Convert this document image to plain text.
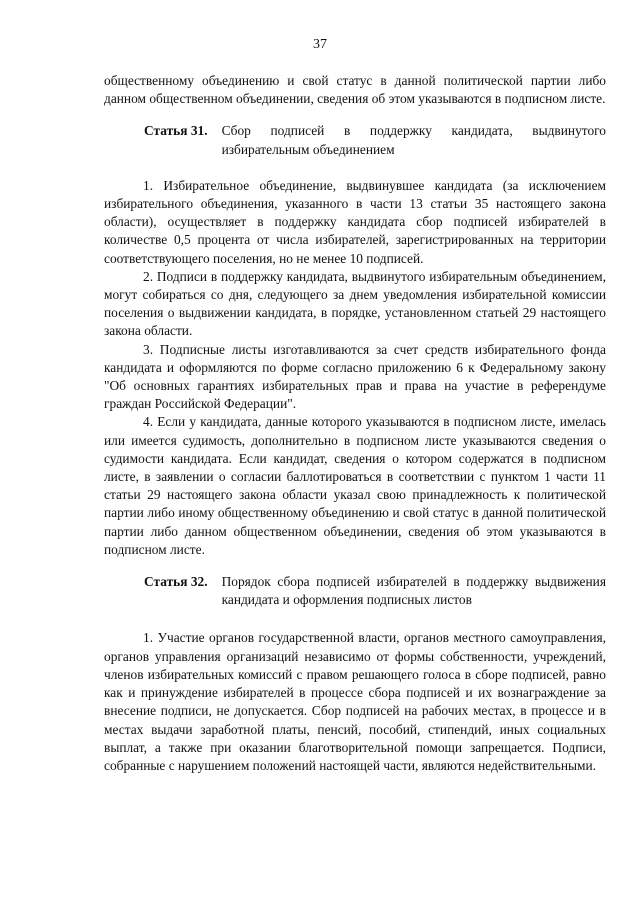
37

общественному объединению и свой статус в данной политической партии либо данном общественном объединении, сведения об этом указываются в подписном листе.

Статья 31.	Сбор подписей в поддержку кандидата, выдвинутого избирательным объединением

1. Избирательное объединение, выдвинувшее кандидата (за исключением избирательного объединения, указанного в части 13 статьи 35 настоящего закона области), осуществляет в поддержку кандидата сбор подписей избирателей в количестве 0,5 процента от числа избирателей, зарегистрированных на территории соответствующего поселения, но не менее 10 подписей.

2. Подписи в поддержку кандидата, выдвинутого избирательным объединением, могут собираться со дня, следующего за днем уведомления избирательной комиссии поселения о выдвижении кандидата, в порядке, установленном статьей 29 настоящего закона области.

3. Подписные листы изготавливаются за счет средств избирательного фонда кандидата и оформляются по форме согласно приложению 6 к Федеральному закону "Об основных гарантиях избирательных прав и права на участие в референдуме граждан Российской Федерации".

4. Если у кандидата, данные которого указываются в подписном листе, имелась или имеется судимость, дополнительно в подписном листе указываются сведения о судимости кандидата. Если кандидат, сведения о котором содержатся в подписном листе, в заявлении о согласии баллотироваться в соответствии с пунктом 1 части 11 статьи 29 настоящего закона области указал свою принадлежность к политической партии либо иному общественному объединению и свой статус в данной политической партии либо данном общественном объединении, сведения об этом указываются в подписном листе.

Статья 32.	Порядок сбора подписей избирателей в поддержку выдвижения кандидата и оформления подписных листов

1. Участие органов государственной власти, органов местного самоуправления, органов управления организаций независимо от формы собственности, учреждений, членов избирательных комиссий с правом решающего голоса в сборе подписей, равно как и принуждение избирателей в процессе сбора подписей и их вознаграждение за внесение подписи, не допускается. Сбор подписей на рабочих местах, в процессе и в местах выдачи заработной платы, пенсий, пособий, стипендий, иных социальных выплат, а также при оказании благотворительной помощи запрещается. Подписи, собранные с нарушением положений настоящей части, являются недействительными.
